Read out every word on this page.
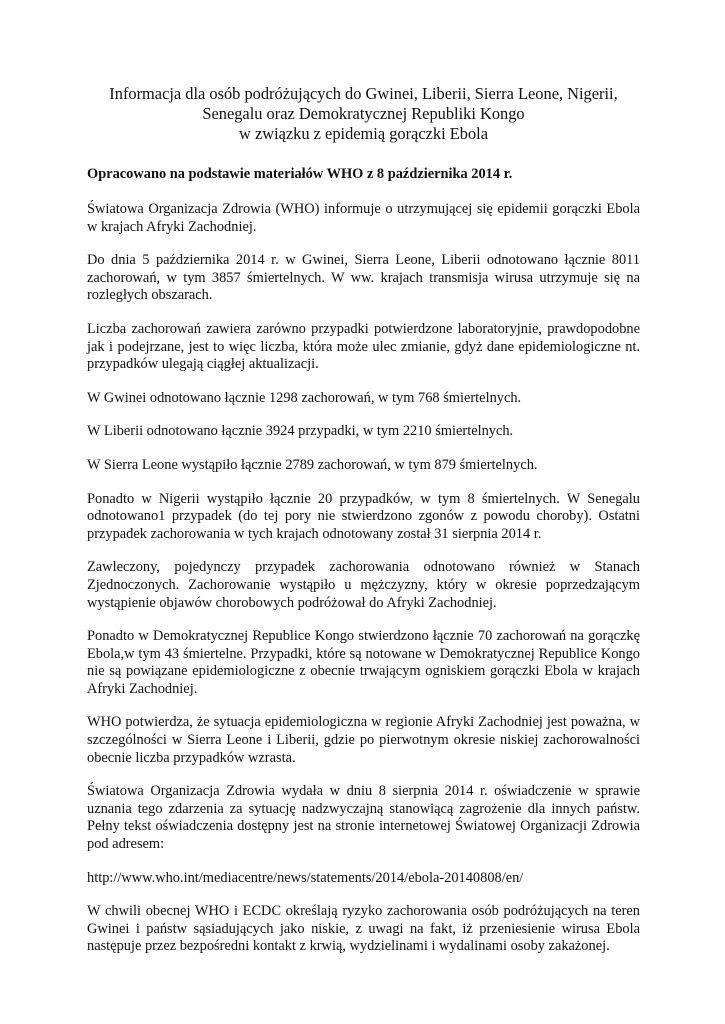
Informacja dla osób podróżujących do Gwinei, Liberii, Sierra Leone, Nigerii,
Senegalu oraz Demokratycznej Republiki Kongo
w związku z epidemią gorączki Ebola
Opracowano na podstawie materiałów WHO z 8 października 2014 r.

Światowa Organizacja Zdrowia (WHO) informuje o utrzymującej się epidemii gorączki Ebola w krajach Afryki Zachodniej.

Do dnia 5 października 2014 r. w Gwinei, Sierra Leone, Liberii odnotowano łącznie 8011 zachorowań, w tym 3857 śmiertelnych. W ww. krajach transmisja wirusa utrzymuje się na rozległych obszarach.

Liczba zachorowań zawiera zarówno przypadki potwierdzone laboratoryjnie, prawdopodobne jak i podejrzane, jest to więc liczba, która może ulec zmianie, gdyż dane epidemiologiczne nt. przypadków ulegają ciągłej aktualizacji.

W Gwinei odnotowano łącznie 1298 zachorowań, w tym 768 śmiertelnych.

W Liberii odnotowano łącznie 3924 przypadki, w tym 2210 śmiertelnych.

W Sierra Leone wystąpiło łącznie 2789 zachorowań, w tym 879 śmiertelnych.

Ponadto w Nigerii wystąpiło łącznie 20 przypadków, w tym 8 śmiertelnych. W Senegalu odnotowano1 przypadek (do tej pory nie stwierdzono zgonów z powodu choroby). Ostatni przypadek zachorowania w tych krajach odnotowany został 31 sierpnia 2014 r.

Zawleczony, pojedynczy przypadek zachorowania odnotowano również w Stanach Zjednoczonych. Zachorowanie wystąpiło u mężczyzny, który w okresie poprzedzającym wystąpienie objawów chorobowych podróżował do Afryki Zachodniej.

Ponadto w Demokratycznej Republice Kongo stwierdzono łącznie 70 zachorowań na gorączkę Ebola,w tym 43 śmiertelne. Przypadki, które są notowane w Demokratycznej Republice Kongo nie są powiązane epidemiologiczne z obecnie trwającym ogniskiem gorączki Ebola w krajach Afryki Zachodniej.

WHO potwierdza, że sytuacja epidemiologiczna w regionie Afryki Zachodniej jest poważna, w szczególności w Sierra Leone i Liberii, gdzie po pierwotnym okresie niskiej zachorowalności obecnie liczba przypadków wzrasta.

Światowa Organizacja Zdrowia wydała w dniu 8 sierpnia 2014 r. oświadczenie w sprawie uznania tego zdarzenia za sytuację nadzwyczajną stanowiącą zagrożenie dla innych państw. Pełny tekst oświadczenia dostępny jest na stronie internetowej Światowej Organizacji Zdrowia pod adresem:

http://www.who.int/mediacentre/news/statements/2014/ebola-20140808/en/

W chwili obecnej WHO i ECDC określają ryzyko zachorowania osób podróżujących na teren Gwinei i państw sąsiadujących jako niskie, z uwagi na fakt, iż przeniesienie wirusa Ebola następuje przez bezpośredni kontakt z krwią, wydzielinami i wydalinami osoby zakażonej.
